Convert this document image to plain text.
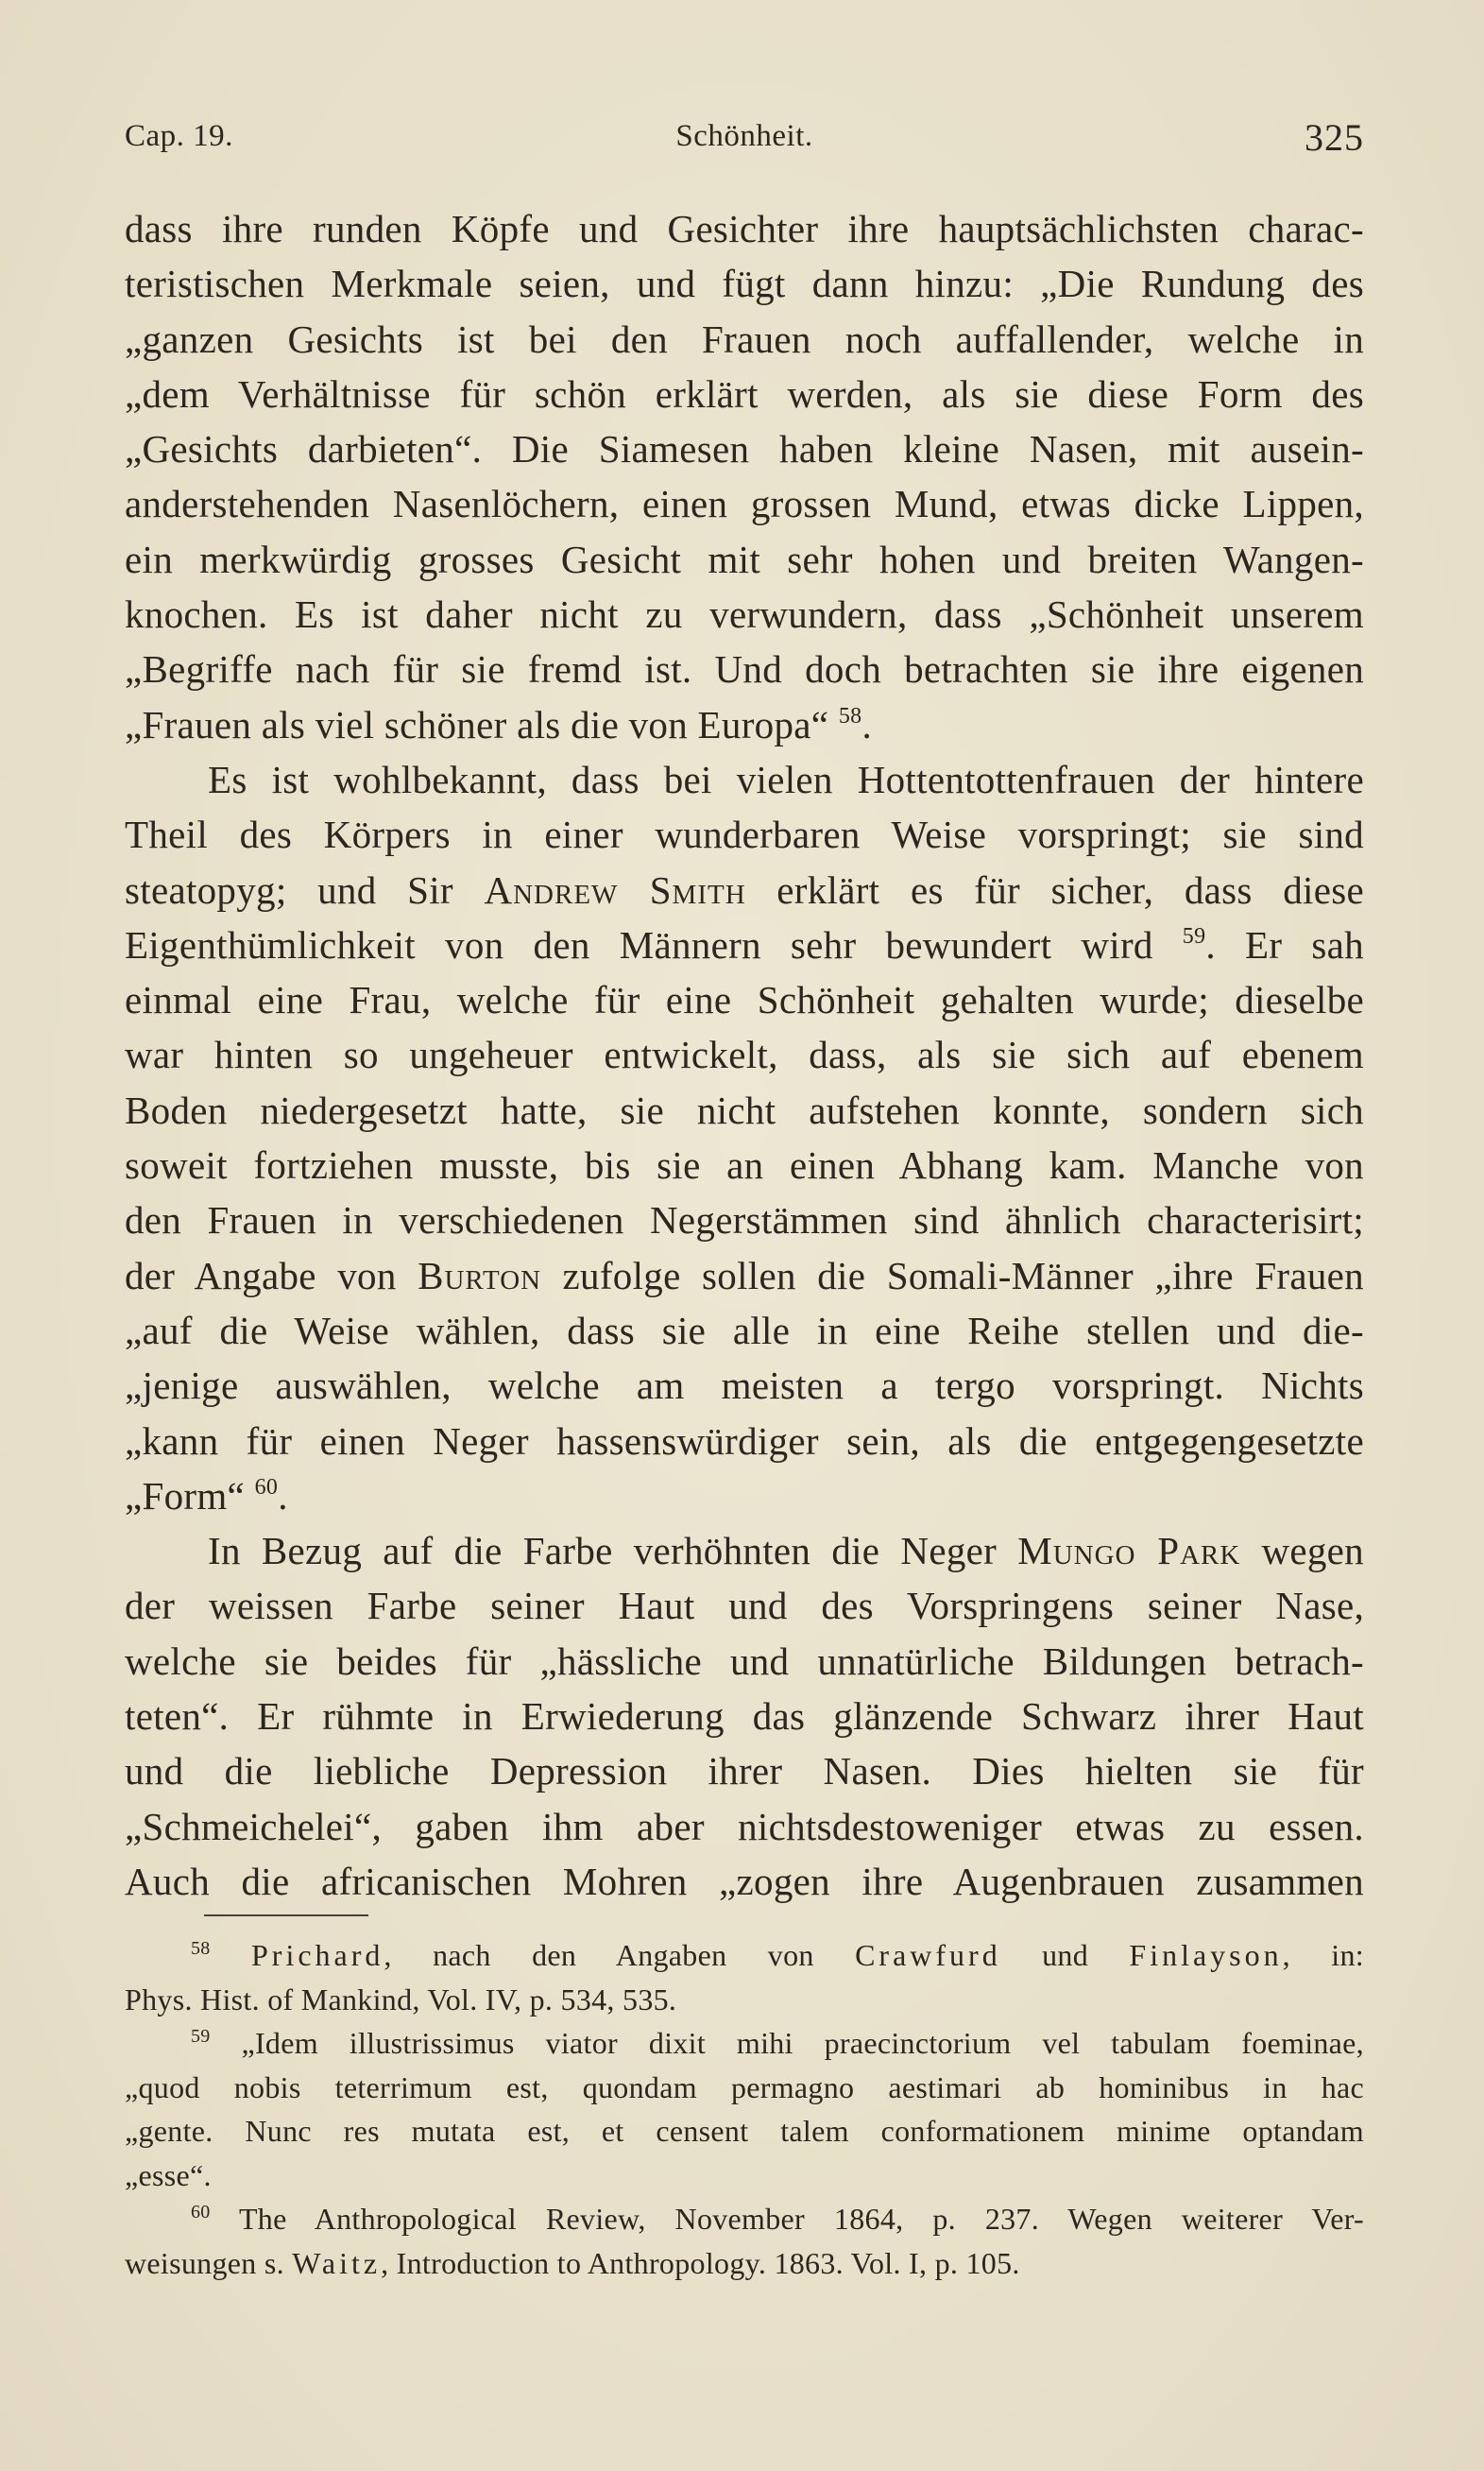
Cap. 19.	Schönheit.	325
dass ihre runden Köpfe und Gesichter ihre hauptsächlichsten charac-
teristischen Merkmale seien, und fügt dann hinzu: „Die Rundung des
„ganzen Gesichts ist bei den Frauen noch auffallender, welche in
„dem Verhältnisse für schön erklärt werden, als sie diese Form des
„Gesichts darbieten“. Die Siamesen haben kleine Nasen, mit ausein-
anderstehenden Nasenlöchern, einen grossen Mund, etwas dicke Lippen,
ein merkwürdig grosses Gesicht mit sehr hohen und breiten Wangen-
knochen. Es ist daher nicht zu verwundern, dass „Schönheit unserem
„Begriffe nach für sie fremd ist. Und doch betrachten sie ihre eigenen
„Frauen als viel schöner als die von Europa“ $^{58}$.
Es ist wohlbekannt, dass bei vielen Hottentottenfrauen der hintere
Theil des Körpers in einer wunderbaren Weise vorspringt; sie sind
steatopyg; und Sir Andrew Smith erklärt es für sicher, dass diese
Eigenthümlichkeit von den Männern sehr bewundert wird $^{59}$. Er sah
einmal eine Frau, welche für eine Schönheit gehalten wurde; dieselbe
war hinten so ungeheuer entwickelt, dass, als sie sich auf ebenem
Boden niedergesetzt hatte, sie nicht aufstehen konnte, sondern sich
soweit fortziehen musste, bis sie an einen Abhang kam. Manche von
den Frauen in verschiedenen Negerstämmen sind ähnlich characterisirt;
der Angabe von Burton zufolge sollen die Somali-Männer „ihre Frauen
„auf die Weise wählen, dass sie alle in eine Reihe stellen und die-
„jenige auswählen, welche am meisten a tergo vorspringt. Nichts
„kann für einen Neger hassenswürdiger sein, als die entgegengesetzte
„Form“ $^{60}$.
In Bezug auf die Farbe verhöhnten die Neger Mungo Park wegen
der weissen Farbe seiner Haut und des Vorspringens seiner Nase,
welche sie beides für „hässliche und unnatürliche Bildungen betrach-
teten“. Er rühmte in Erwiederung das glänzende Schwarz ihrer Haut
und die liebliche Depression ihrer Nasen. Dies hielten sie für
„Schmeichelei“, gaben ihm aber nichtsdestoweniger etwas zu essen.
Auch die africanischen Mohren „zogen ihre Augenbrauen zusammen
$^{58}$ Prichard, nach den Angaben von Crawfurd und Finlayson, in:
Phys. Hist. of Mankind, Vol. IV, p. 534, 535.
$^{59}$ „Idem illustrissimus viator dixit mihi praecinctorium vel tabulam foeminae,
„quod nobis teterrimum est, quondam permagno aestimari ab hominibus in hac
„gente. Nunc res mutata est, et censent talem conformationem minime optandam
„esse“.
$^{60}$ The Anthropological Review, November 1864, p. 237. Wegen weiterer Ver-
weisungen s. Waitz, Introduction to Anthropology. 1863. Vol. I, p. 105.
